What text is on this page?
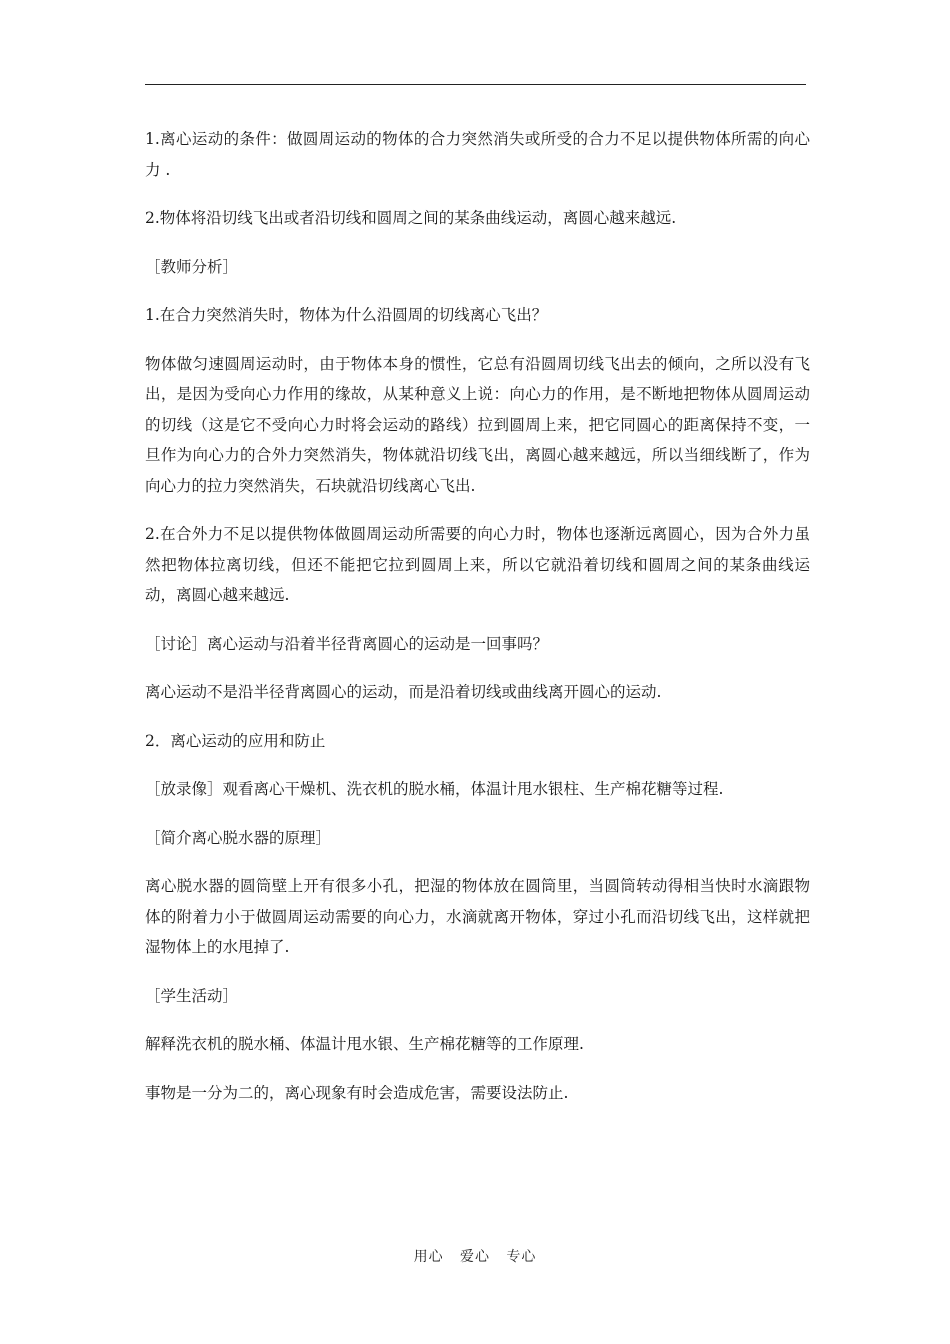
1.离心运动的条件：做圆周运动的物体的合力突然消失或所受的合力不足以提供物体所需的向心力 .

2.物体将沿切线飞出或者沿切线和圆周之间的某条曲线运动，离圆心越来越远.

［教师分析］

1.在合力突然消失时，物体为什么沿圆周的切线离心飞出？

物体做匀速圆周运动时，由于物体本身的惯性，它总有沿圆周切线飞出去的倾向，之所以没有飞出，是因为受向心力作用的缘故，从某种意义上说：向心力的作用，是不断地把物体从圆周运动的切线（这是它不受向心力时将会运动的路线）拉到圆周上来，把它同圆心的距离保持不变，一旦作为向心力的合外力突然消失，物体就沿切线飞出，离圆心越来越远，所以当细线断了，作为向心力的拉力突然消失，石块就沿切线离心飞出.

2.在合外力不足以提供物体做圆周运动所需要的向心力时，物体也逐渐远离圆心，因为合外力虽然把物体拉离切线，但还不能把它拉到圆周上来，所以它就沿着切线和圆周之间的某条曲线运动，离圆心越来越远.

［讨论］离心运动与沿着半径背离圆心的运动是一回事吗？

离心运动不是沿半径背离圆心的运动，而是沿着切线或曲线离开圆心的运动.

2．离心运动的应用和防止

［放录像］观看离心干燥机、洗衣机的脱水桶，体温计甩水银柱、生产棉花糖等过程.

［简介离心脱水器的原理］

离心脱水器的圆筒壁上开有很多小孔，把湿的物体放在圆筒里，当圆筒转动得相当快时水滴跟物体的附着力小于做圆周运动需要的向心力，水滴就离开物体，穿过小孔而沿切线飞出，这样就把湿物体上的水甩掉了.

［学生活动］

解释洗衣机的脱水桶、体温计甩水银、生产棉花糖等的工作原理.

事物是一分为二的，离心现象有时会造成危害，需要设法防止.

用心   爱心   专心
